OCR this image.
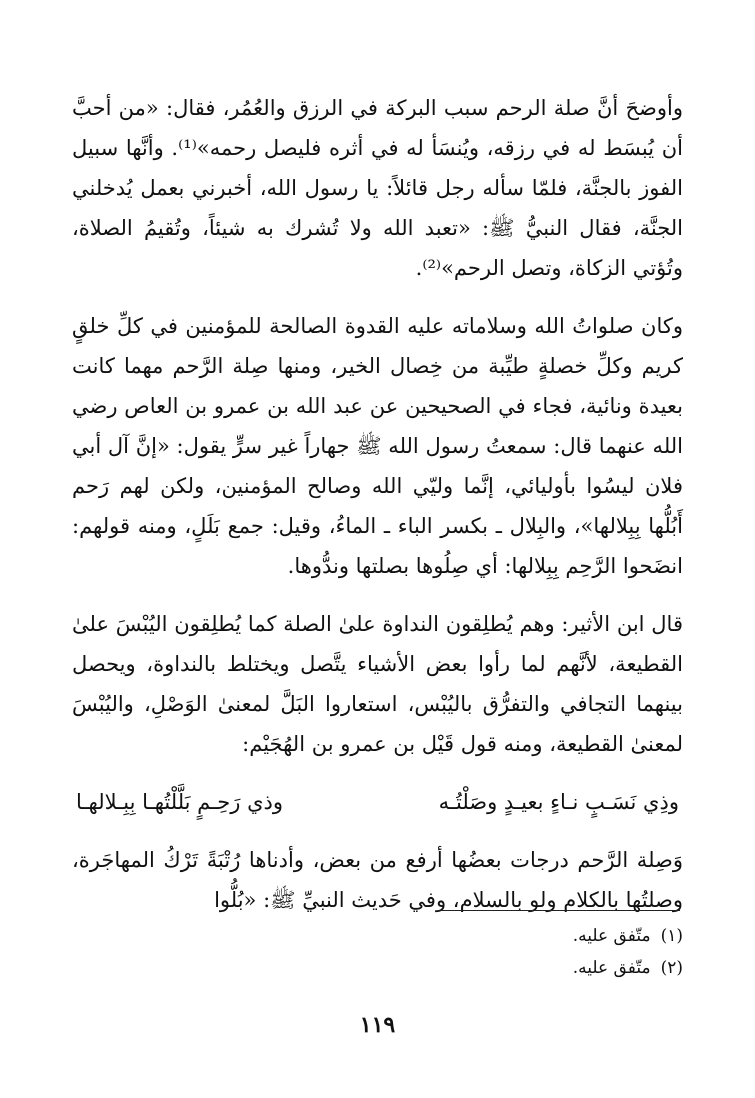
وأوضحَ أنَّ صلة الرحم سبب البركة في الرزق والعُمُر، فقال: «من أحبَّ أن يُبسَط له في رزقه، ويُنسَأ له في أثره فليصل رحمه»⁽¹⁾. وأنَّها سبيل الفوز بالجنَّة، فلمّا سأله رجل قائلاً: يا رسول الله، أخبرني بعمل يُدخلني الجنَّة، فقال النبيُّ ﷺ: «تعبد الله ولا تُشرك به شيئاً، وتُقيمُ الصلاة، وتُؤتي الزكاة، وتصل الرحم»⁽²⁾.

وكان صلواتُ الله وسلاماته عليه القدوة الصالحة للمؤمنين في كلِّ خلقٍ كريم وكلِّ خصلةٍ طيِّبة من خِصال الخير، ومنها صِلة الرَّحم مهما كانت بعيدة ونائية، فجاء في الصحيحين عن عبد الله بن عمرو بن العاص رضي الله عنهما قال: سمعتُ رسول الله ﷺ جهاراً غير سرٍّ يقول: «إنَّ آل أبي فلان ليسُوا بأوليائي، إنَّما وليّي الله وصالح المؤمنين، ولكن لهم رَحم أَبُلُّها بِبِلالها»، والبِلال ـ بكسر الباء ـ الماءُ، وقيل: جمع بَلَلٍ، ومنه قولهم: انضَحوا الرَّحِم بِبِلالها: أي صِلُوها بصلتها وندُّوها.

قال ابن الأثير: وهم يُطلِقون النداوة علىٰ الصلة كما يُطلِقون اليُبْسَ علىٰ القطيعة، لأنَّهم لما رأوا بعض الأشياء يتَّصل ويختلط بالنداوة، ويحصل بينهما التجافي والتفرُّق باليُبْس، استعاروا البَلَّ لمعنىٰ الوَصْلِ، واليُبْسَ لمعنىٰ القطيعة، ومنه قول قَيْل بن عمرو بن الهُجَيْم:

وذِي نَسَـبٍ نـاءٍ بعيـدٍ وصَلْتُـه
وذي رَحِـمٍ بَلَّلْتُهـا بِبِـلالهـا

وَصِلة الرَّحم درجات بعضُها أرفع من بعض، وأدناها رُتْبَةً تَرْكُ المهاجَرة، وصلتُها بالكلام ولو بالسلام، وفي حَديث النبيِّ ﷺ: «بُلُّوا

(١)
متّفق عليه.
(٢)
متّفق عليه.
١١٩
